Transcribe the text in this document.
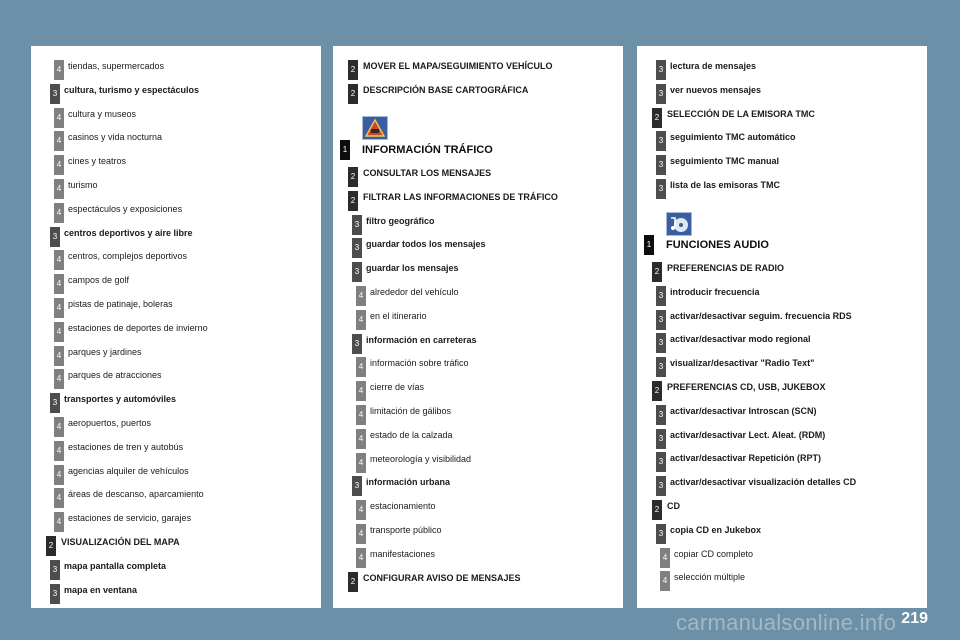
4 tiendas, supermercados
3 cultura, turismo y espectáculos
4 cultura y museos
4 casinos y vida nocturna
4 cines y teatros
4 turismo
4 espectáculos y exposiciones
3 centros deportivos y aire libre
4 centros, complejos deportivos
4 campos de golf
4 pistas de patinaje, boleras
4 estaciones de deportes de invierno
4 parques y jardines
4 parques de atracciones
3 transportes y automóviles
4 aeropuertos, puertos
4 estaciones de tren y autobús
4 agencias alquiler de vehículos
4 áreas de descanso, aparcamiento
4 estaciones de servicio, garajes
2 VISUALIZACIÓN DEL MAPA
3 mapa pantalla completa
3 mapa en ventana
2 MOVER EL MAPA/SEGUIMIENTO VEHÍCULO
2 DESCRIPCIÓN BASE CARTOGRÁFICA
1 INFORMACIÓN TRÁFICO
2 CONSULTAR LOS MENSAJES
2 FILTRAR LAS INFORMACIONES DE TRÁFICO
3 filtro geográfico
3 guardar todos los mensajes
3 guardar los mensajes
4 alrededor del vehículo
4 en el itinerario
3 información en carreteras
4 información sobre tráfico
4 cierre de vías
4 limitación de gálibos
4 estado de la calzada
4 meteorología y visibilidad
3 información urbana
4 estacionamiento
4 transporte público
4 manifestaciones
2 CONFIGURAR AVISO DE MENSAJES
3 lectura de mensajes
3 ver nuevos mensajes
2 SELECCIÓN DE LA EMISORA TMC
3 seguimiento TMC automático
3 seguimiento TMC manual
3 lista de las emisoras TMC
1 FUNCIONES AUDIO
2 PREFERENCIAS DE RADIO
3 introducir frecuencia
3 activar/desactivar seguim. frecuencia RDS
3 activar/desactivar modo regional
3 visualizar/desactivar "Radio Text"
2 PREFERENCIAS CD, USB, JUKEBOX
3 activar/desactivar Introscan (SCN)
3 activar/desactivar Lect. Aleat. (RDM)
3 activar/desactivar Repetición (RPT)
3 activar/desactivar visualización detalles CD
2 CD
3 copia CD en Jukebox
4 copiar CD completo
4 selección múltiple
carmanualsonline.info 219
